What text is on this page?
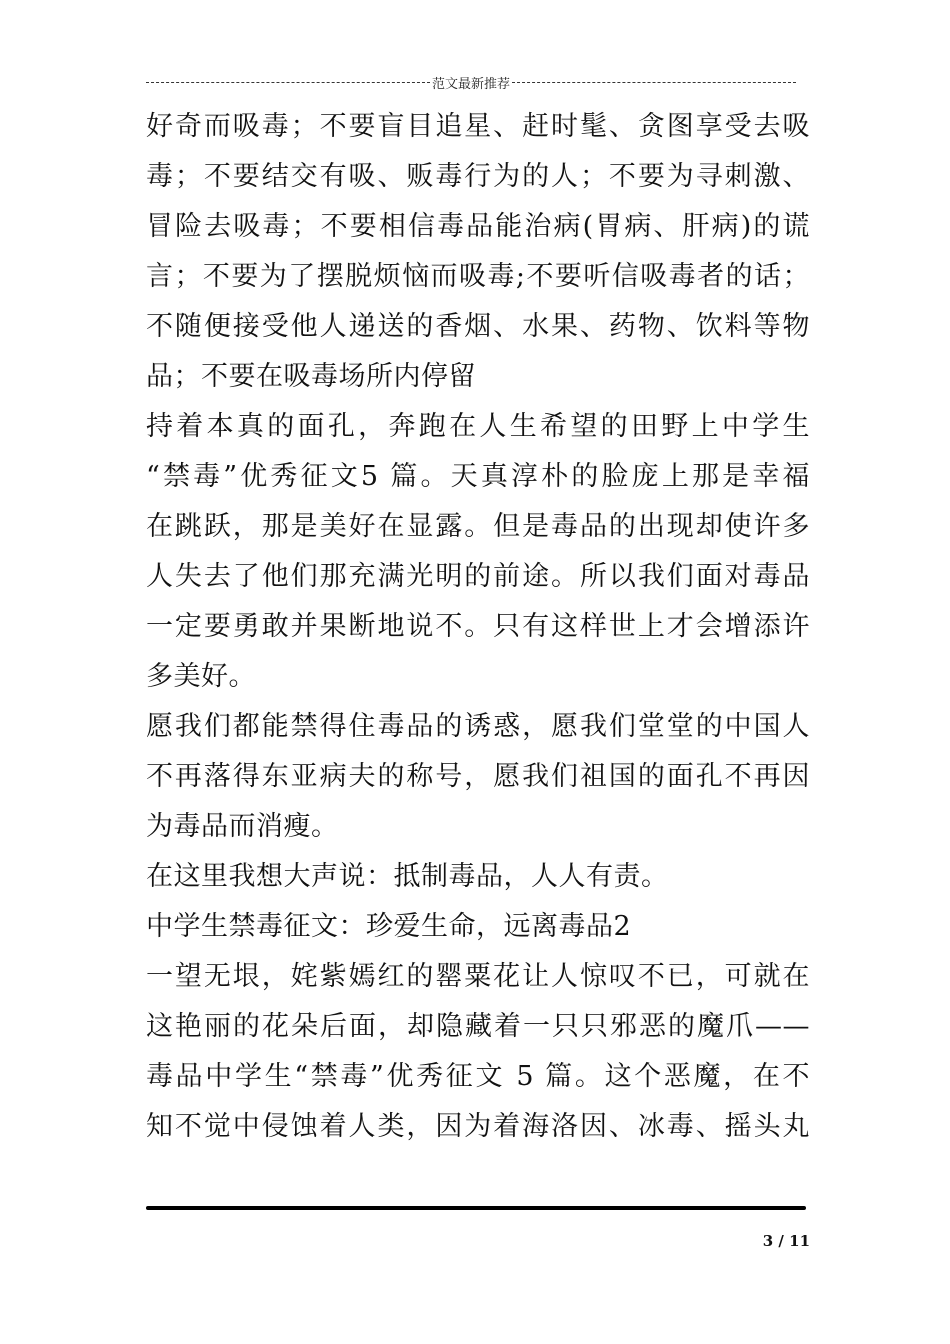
范文最新推荐
好奇而吸毒；不要盲目追星、赶时髦、贪图享受去吸
毒；不要结交有吸、贩毒行为的人；不要为寻刺激、
冒险去吸毒；不要相信毒品能治病(胃病、肝病)的谎
言；不要为了摆脱烦恼而吸毒;不要听信吸毒者的话；
不随便接受他人递送的香烟、水果、药物、饮料等物
品；不要在吸毒场所内停留
持着本真的面孔，奔跑在人生希望的田野上中学生
“禁毒”优秀征文5 篇。天真淳朴的脸庞上那是幸福
在跳跃，那是美好在显露。但是毒品的出现却使许多
人失去了他们那充满光明的前途。所以我们面对毒品
一定要勇敢并果断地说不。只有这样世上才会增添许
多美好。
愿我们都能禁得住毒品的诱惑，愿我们堂堂的中国人
不再落得东亚病夫的称号，愿我们祖国的面孔不再因
为毒品而消瘦。
在这里我想大声说：抵制毒品，人人有责。
中学生禁毒征文：珍爱生命，远离毒品2
一望无垠，姹紫嫣红的罂粟花让人惊叹不已，可就在
这艳丽的花朵后面，却隐藏着一只只邪恶的魔爪——
毒品中学生“禁毒”优秀征文 5 篇。这个恶魔，在不
知不觉中侵蚀着人类，因为着海洛因、冰毒、摇头丸
3 / 11
